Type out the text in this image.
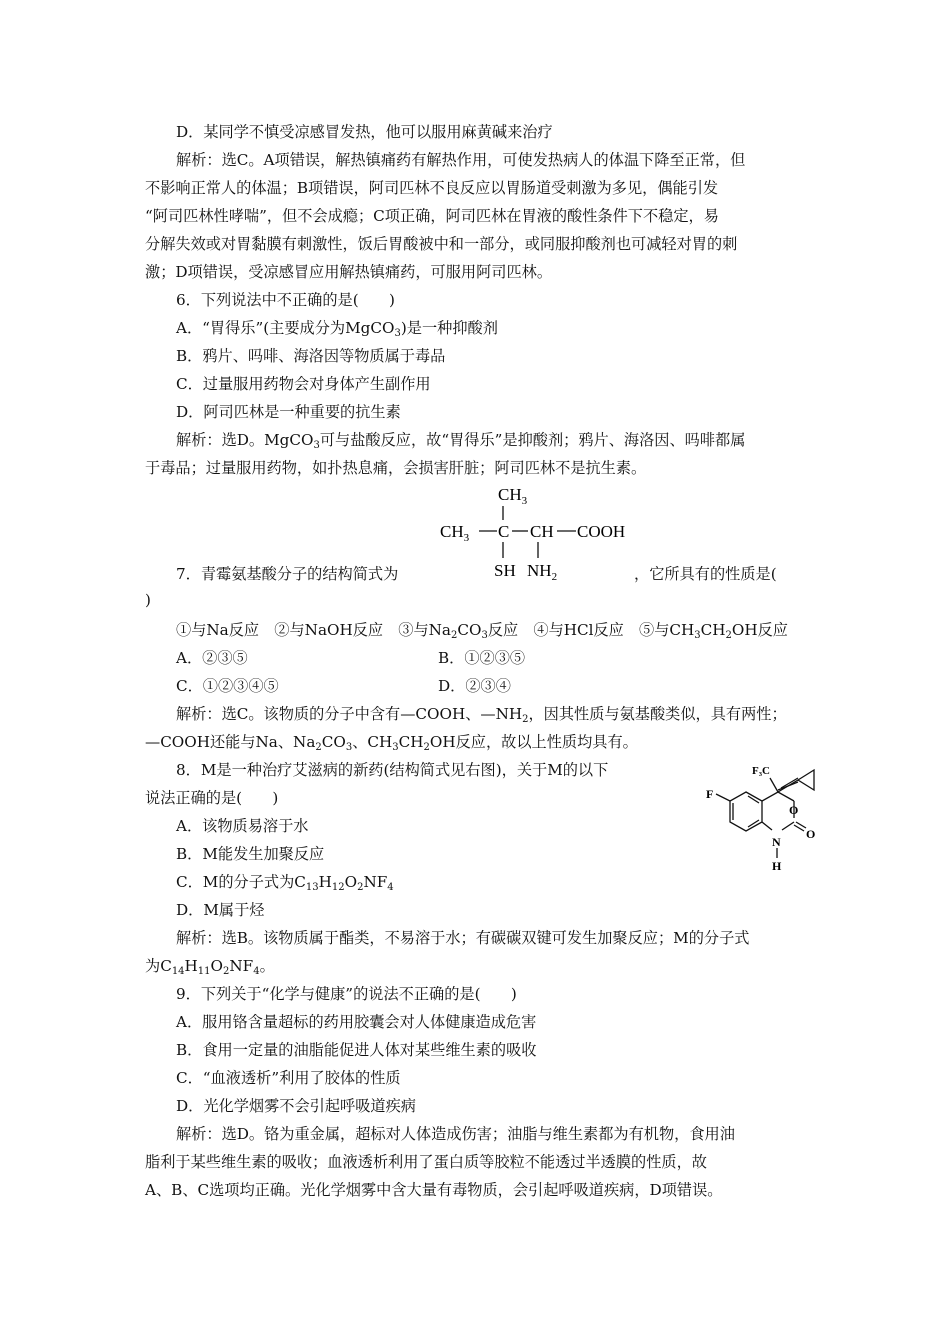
D．某同学不慎受凉感冒发热，他可以服用麻黄碱来治疗
解析：选C。A项错误，解热镇痛药有解热作用，可使发热病人的体温下降至正常，但
不影响正常人的体温；B项错误，阿司匹林不良反应以胃肠道受刺激为多见，偶能引发
“阿司匹林性哮喘”，但不会成瘾；C项正确，阿司匹林在胃液的酸性条件下不稳定，易
分解失效或对胃黏膜有刺激性，饭后胃酸被中和一部分，或同服抑酸剂也可减轻对胃的刺
激；D项错误，受凉感冒应用解热镇痛药，可服用阿司匹林。
6．下列说法中不正确的是(　　)
A．“胃得乐”(主要成分为MgCO$_3$)是一种抑酸剂
B．鸦片、吗啡、海洛因等物质属于毒品
C．过量服用药物会对身体产生副作用
D．阿司匹林是一种重要的抗生素
解析：选D。MgCO$_3$可与盐酸反应，故“胃得乐”是抑酸剂；鸦片、海洛因、吗啡都属
于毒品；过量服用药物，如扑热息痛，会损害肝脏；阿司匹林不是抗生素。
$CH_3$
$CH_3$ C CH COOH
SH $NH_2$
7．青霉氨基酸分子的结构简式为	，它所具有的性质是(
)
①与Na反应　②与NaOH反应　③与$Na_2CO_3$反应　④与HCl反应　⑤与$CH_3CH_2OH$反应
A．②③⑤	B．①②③⑤
C．①②③④⑤	D．②③④
解析：选C。该物质的分子中含有—COOH、$—NH_2$，因其性质与氨基酸类似，具有两性；
—COOH还能与Na、$Na_2CO_3$、$CH_3CH_2OH$反应，故以上性质均具有。
8．M是一种治疗艾滋病的新药(结构简式见右图)，关于M的以下
说法正确的是(　　)
F₃C
F
O
N
H
O
A．该物质易溶于水
B．M能发生加聚反应
C．M的分子式为$C_{13}H_{12}O_2NF_4$
D．M属于烃
解析：选B。该物质属于酯类，不易溶于水；有碳碳双键可发生加聚反应；M的分子式
为$C_{14}H_{11}O_2NF_4$。
9．下列关于“化学与健康”的说法不正确的是(　　)
A．服用铬含量超标的药用胶囊会对人体健康造成危害
B．食用一定量的油脂能促进人体对某些维生素的吸收
C．“血液透析”利用了胶体的性质
D．光化学烟雾不会引起呼吸道疾病
解析：选D。铬为重金属，超标对人体造成伤害；油脂与维生素都为有机物，食用油
脂利于某些维生素的吸收；血液透析利用了蛋白质等胶粒不能透过半透膜的性质，故
A、B、C选项均正确。光化学烟雾中含大量有毒物质，会引起呼吸道疾病，D项错误。
